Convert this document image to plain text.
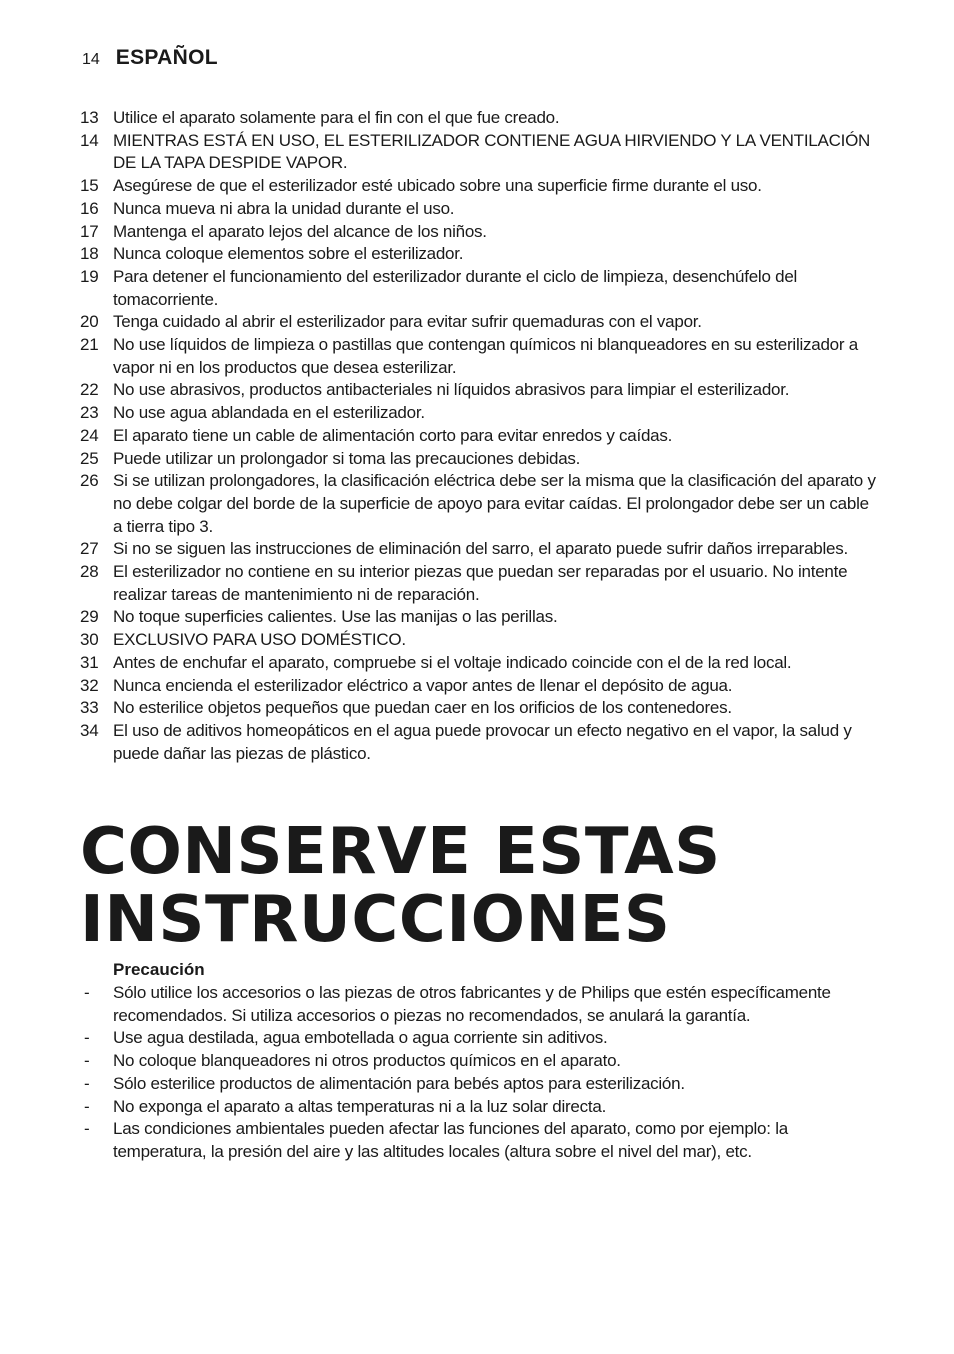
14 ESPAÑOL
13 Utilice el aparato solamente para el fin con el que fue creado.
14 MIENTRAS ESTÁ EN USO, EL ESTERILIZADOR CONTIENE AGUA HIRVIENDO Y LA VENTILACIÓN DE LA TAPA DESPIDE VAPOR.
15 Asegúrese de que el esterilizador esté ubicado sobre una superficie firme durante el uso.
16 Nunca mueva ni abra la unidad durante el uso.
17 Mantenga el aparato lejos del alcance de los niños.
18 Nunca coloque elementos sobre el esterilizador.
19 Para detener el funcionamiento del esterilizador durante el ciclo de limpieza, desenchúfelo del tomacorriente.
20 Tenga cuidado al abrir el esterilizador para evitar sufrir quemaduras con el vapor.
21 No use líquidos de limpieza o pastillas que contengan químicos ni blanqueadores en su esterilizador a vapor ni en los productos que desea esterilizar.
22 No use abrasivos, productos antibacteriales ni líquidos abrasivos para limpiar el esterilizador.
23 No use agua ablandada en el esterilizador.
24 El aparato tiene un cable de alimentación corto para evitar enredos y caídas.
25 Puede utilizar un prolongador si toma las precauciones debidas.
26 Si se utilizan prolongadores, la clasificación eléctrica debe ser la misma que la clasificación del aparato y no debe colgar del borde de la superficie de apoyo para evitar caídas. El prolongador debe ser un cable a tierra tipo 3.
27 Si no se siguen las instrucciones de eliminación del sarro, el aparato puede sufrir daños irreparables.
28 El esterilizador no contiene en su interior piezas que puedan ser reparadas por el usuario. No intente realizar tareas de mantenimiento ni de reparación.
29 No toque superficies calientes. Use las manijas o las perillas.
30 EXCLUSIVO PARA USO DOMÉSTICO.
31 Antes de enchufar el aparato, compruebe si el voltaje indicado coincide con el de la red local.
32 Nunca encienda el esterilizador eléctrico a vapor antes de llenar el depósito de agua.
33 No esterilice objetos pequeños que puedan caer en los orificios de los contenedores.
34 El uso de aditivos homeopáticos en el agua puede provocar un efecto negativo en el vapor, la salud y puede dañar las piezas de plástico.
CONSERVE ESTAS
INSTRUCCIONES

Precaución

-	Sólo utilice los accesorios o las piezas de otros fabricantes y de Philips que estén específicamente recomendados. Si utiliza accesorios o piezas no recomendados, se anulará la garantía.
-	Use agua destilada, agua embotellada o agua corriente sin aditivos.
-	No coloque blanqueadores ni otros productos químicos en el aparato.
-	Sólo esterilice productos de alimentación para bebés aptos para esterilización.
-	No exponga el aparato a altas temperaturas ni a la luz solar directa.
-	Las condiciones ambientales pueden afectar las funciones del aparato, como por ejemplo: la temperatura, la presión del aire y las altitudes locales (altura sobre el nivel del mar), etc.
